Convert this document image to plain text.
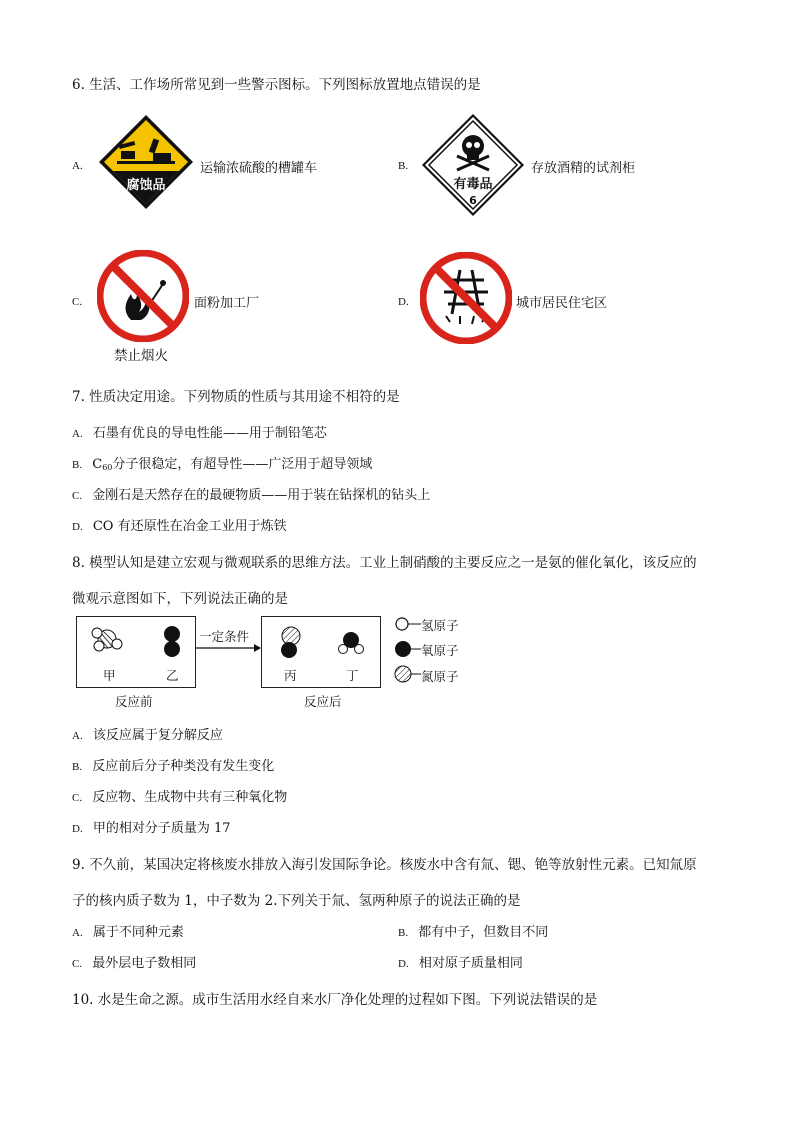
6. 生活、工作场所常见到一些警示图标。下列图标放置地点错误的是
A.
腐蚀品
运输浓硫酸的槽罐车	B.
有毒品
6
存放酒精的试剂柜
C.	面粉加工厂
禁止烟火
D.	城市居民住宅区
7. 性质决定用途。下列物质的性质与其用途不相符的是
A. 石墨有优良的导电性能——用于制铅笔芯
B. $C_{60}$分子很稳定，有超导性——广泛用于超导领域
C. 金刚石是天然存在的最硬物质——用于装在钻探机的钻头上
D. CO 有还原性在冶金工业用于炼铁
8. 模型认知是建立宏观与微观联系的思维方法。工业上制硝酸的主要反应之一是氨的催化氧化，该反应的
微观示意图如下，下列说法正确的是
甲	乙
反应前
一定条件
丙	丁
反应后
氢原子
氧原子
氮原子
A. 该反应属于复分解反应
B. 反应前后分子种类没有发生变化
C. 反应物、生成物中共有三种氧化物
D. 甲的相对分子质量为 17
9. 不久前，某国决定将核废水排放入海引发国际争论。核废水中含有氚、锶、铯等放射性元素。已知氚原
子的核内质子数为 1，中子数为 2.下列关于氚、氢两种原子的说法正确的是
A. 属于不同种元素	B. 都有中子，但数目不同
C. 最外层电子数相同	D. 相对原子质量相同
10. 水是生命之源。成市生活用水经自来水厂净化处理的过程如下图。下列说法错误的是
